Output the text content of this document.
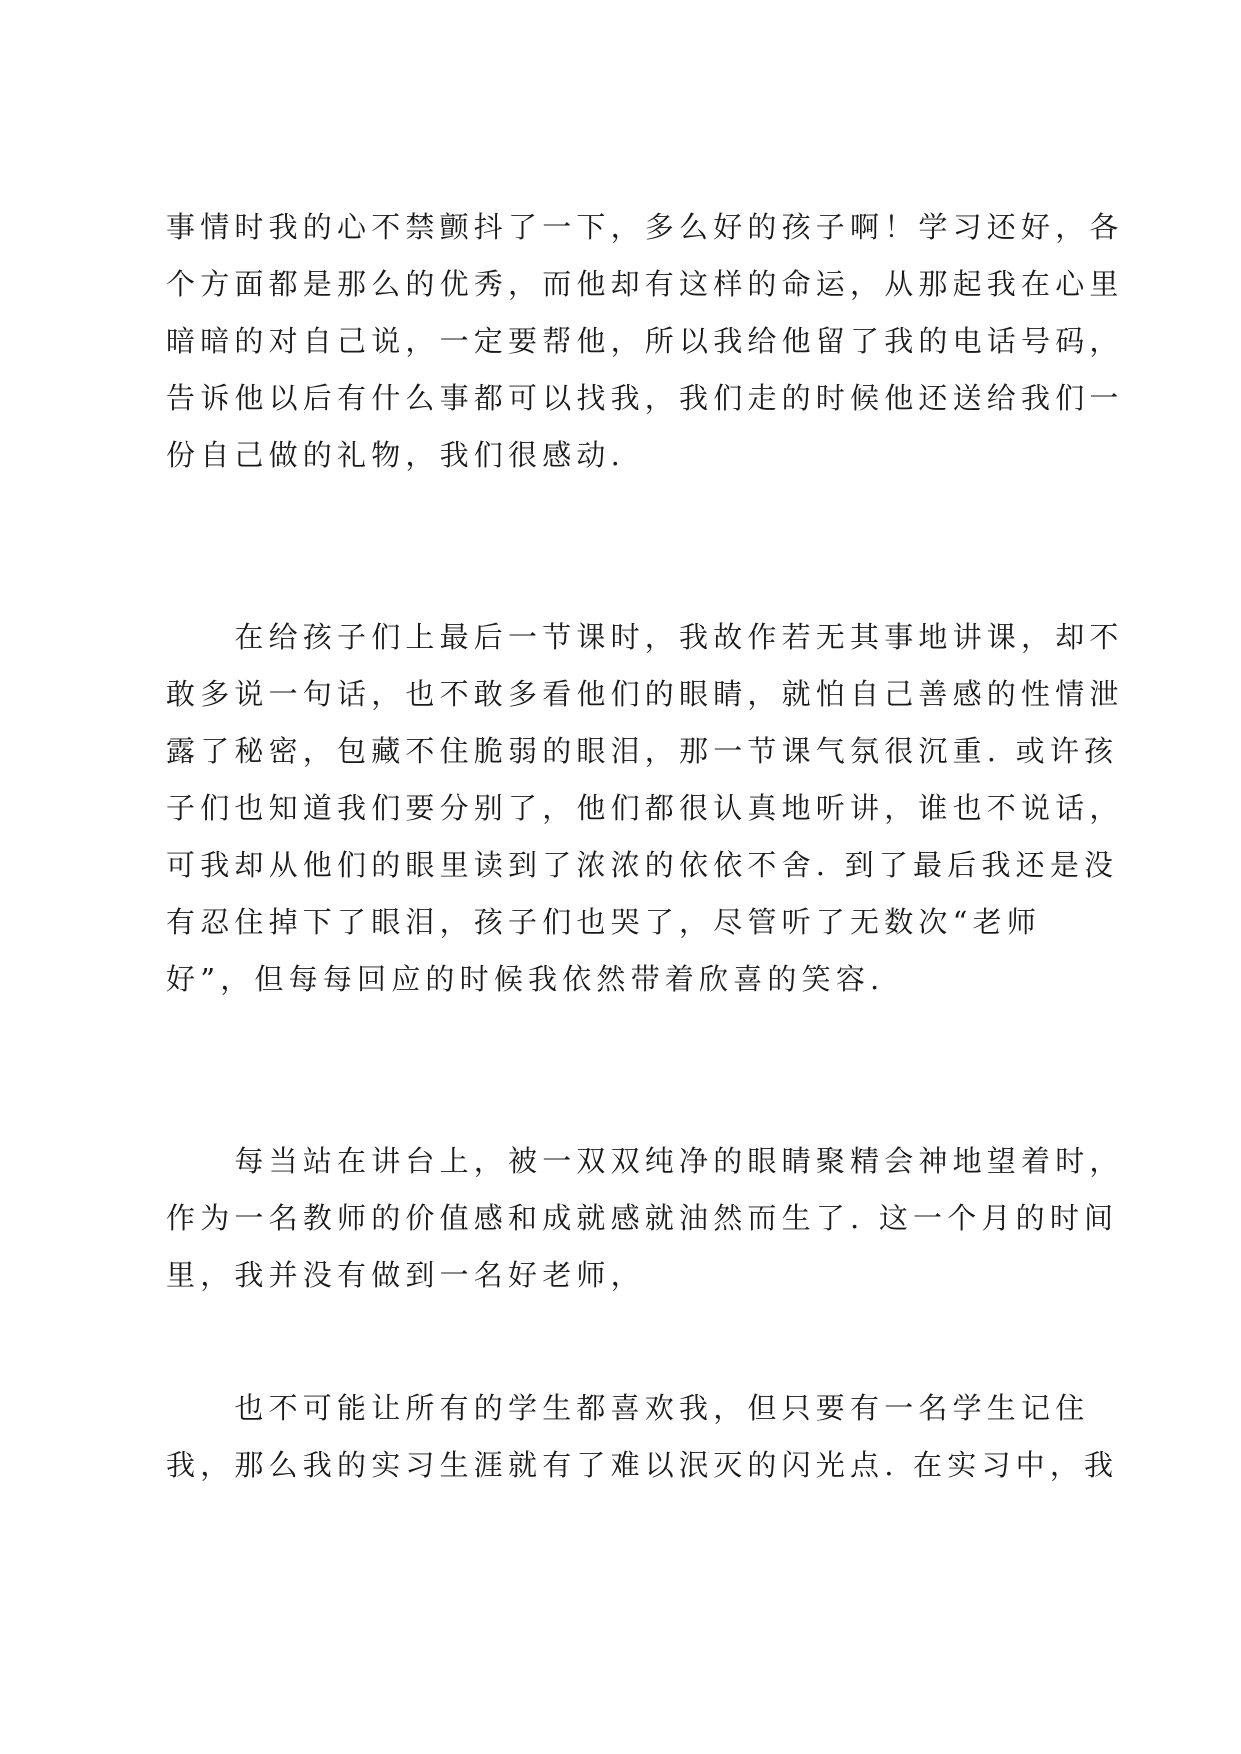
事情时我的心不禁颤抖了一下，多么好的孩子啊！学习还好，各
个方面都是那么的优秀，而他却有这样的命运，从那起我在心里
暗暗的对自己说，一定要帮他，所以我给他留了我的电话号码，
告诉他以后有什么事都可以找我，我们走的时候他还送给我们一
份自己做的礼物，我们很感动.
　　在给孩子们上最后一节课时，我故作若无其事地讲课，却不
敢多说一句话，也不敢多看他们的眼睛，就怕自己善感的性情泄
露了秘密，包藏不住脆弱的眼泪，那一节课气氛很沉重. 或许孩
子们也知道我们要分别了，他们都很认真地听讲，谁也不说话，
可我却从他们的眼里读到了浓浓的依依不舍. 到了最后我还是没
有忍住掉下了眼泪，孩子们也哭了，尽管听了无数次“老师
好”，但每每回应的时候我依然带着欣喜的笑容.
　　每当站在讲台上，被一双双纯净的眼睛聚精会神地望着时，
作为一名教师的价值感和成就感就油然而生了. 这一个月的时间
里，我并没有做到一名好老师，
　　也不可能让所有的学生都喜欢我，但只要有一名学生记住
我，那么我的实习生涯就有了难以泯灭的闪光点. 在实习中，我
